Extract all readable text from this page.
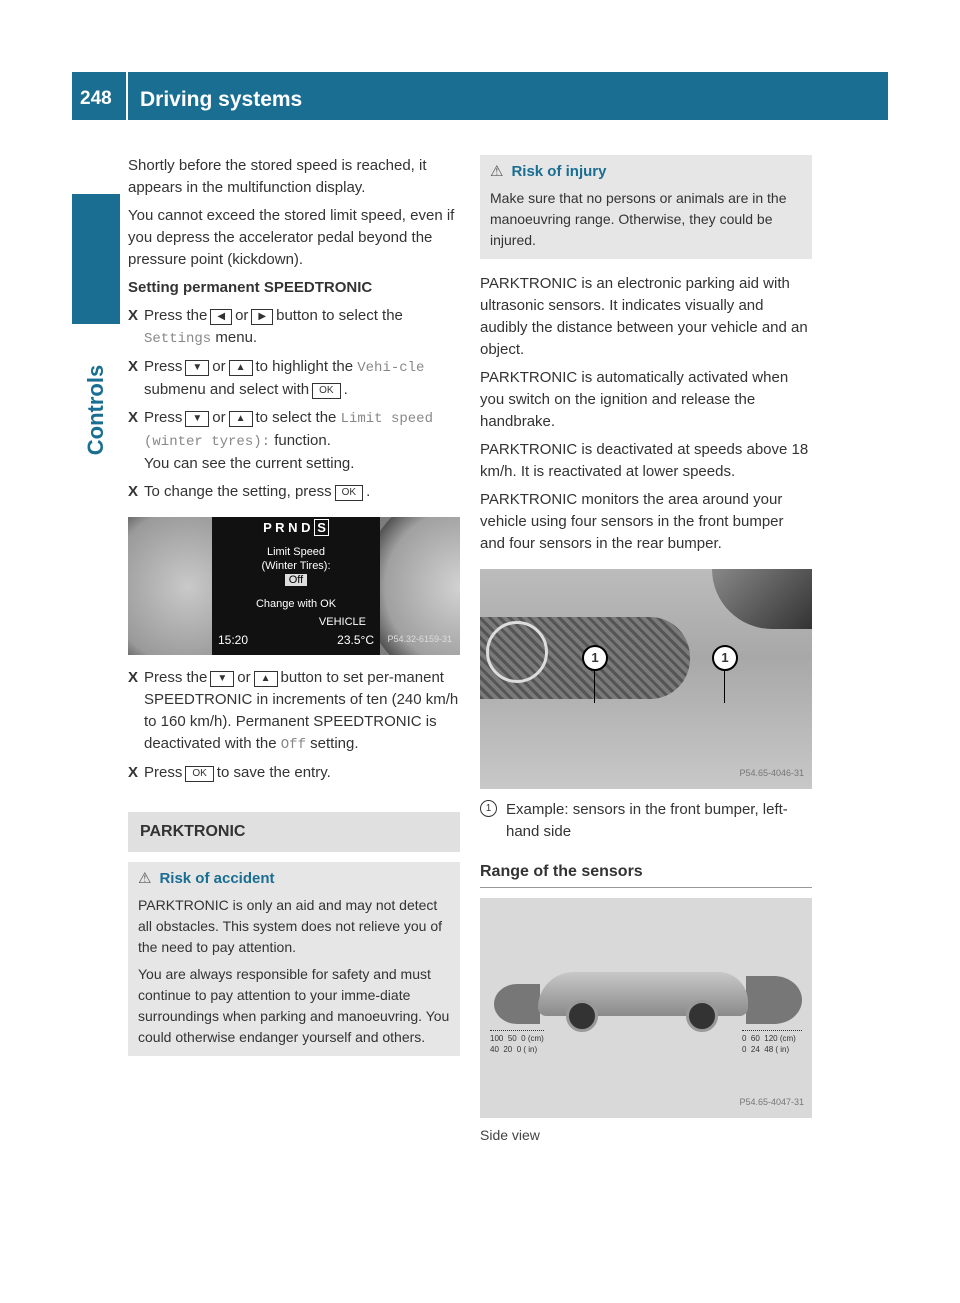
248 Driving systems
Controls

Shortly before the stored speed is reached, it appears in the multifunction display.

You cannot exceed the stored limit speed, even if you depress the accelerator pedal beyond the pressure point (kickdown).

Setting permanent SPEEDTRONIC

X Press the ◀ or ▶ button to select the Settings menu.
X Press ▼ or ▲ to highlight the Vehi‐cle submenu and select with OK .
X Press ▼ or ▲ to select the Limit speed (winter tyres): function.
You can see the current setting.
X To change the setting, press OK .
P R N D S
Limit Speed
(Winter Tires):
Off
Change with OK
VEHICLE
15:20	23.5°C P54.32-6159-31
X Press the ▼ or ▲ button to set per‐manent SPEEDTRONIC in increments of ten (240 km/h to 160 km/h). Permanent SPEEDTRONIC is deactivated with the Off setting.
X Press OK to save the entry.
PARKTRONIC
⚠ Risk of accident

PARKTRONIC is only an aid and may not detect all obstacles. This system does not relieve you of the need to pay attention.

You are always responsible for safety and must continue to pay attention to your imme‐diate surroundings when parking and manoeuvring. You could otherwise endanger yourself and others.

⚠ Risk of injury

Make sure that no persons or animals are in the manoeuvring range. Otherwise, they could be injured.

PARKTRONIC is an electronic parking aid with ultrasonic sensors. It indicates visually and audibly the distance between your vehicle and an object.

PARKTRONIC is automatically activated when you switch on the ignition and release the handbrake.

PARKTRONIC is deactivated at speeds above 18 km/h. It is reactivated at lower speeds.

PARKTRONIC monitors the area around your vehicle using four sensors in the front bumper and four sensors in the rear bumper.

1	1
P54.65-4046-31
1 Example: sensors in the front bumper, left-hand side
Range of the sensors
100 50 0 (cm)
40 20 0 ( in)
0 60 120 (cm)
0 24 48 ( in)
P54.65-4047-31
Side view
